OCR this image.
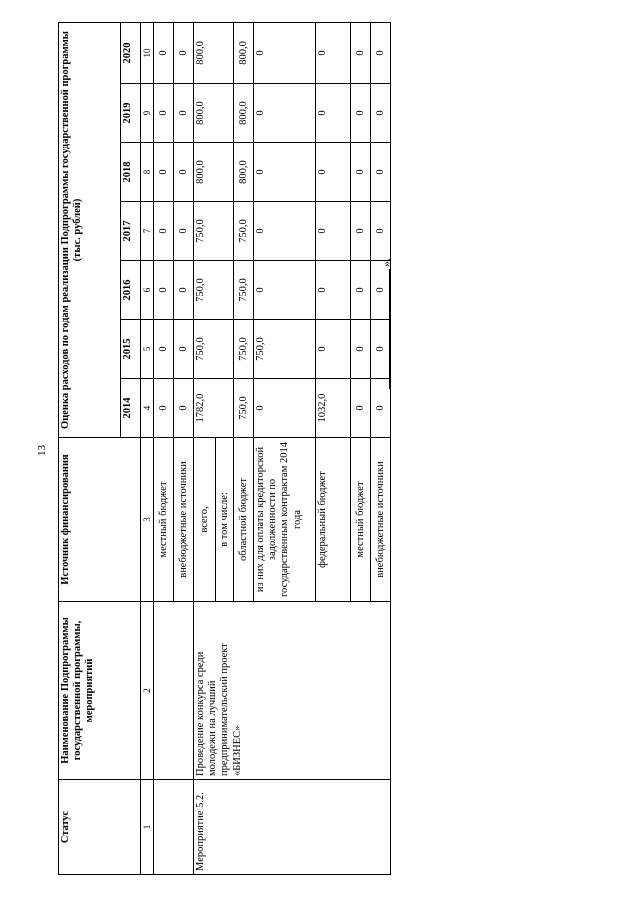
13
Статус	Наименование Подпрограммы государственной программы, мероприятий	Источник финансирования	Оценка расходов по годам реализации Подпрограммы государственной программы (тыс. рублей)						
			2014	2015	2016	2017	2018	2019	2020
1	2	3	4	5	6	7	8	9	10
		местный бюджет	0	0	0	0	0	0	0
		внебюджетные источники	0	0	0	0	0	0	0
Мероприятие 5.2.	Проведение конкурса среди молодежи на лучший предпринимательский проект «БИЗНЕС»	всего,	1782,0	750,0	750,0	750,0	800,0	800,0	800,0
		в том числе:							
		областной бюджет	750,0	750,0	750,0	750,0	800,0	800,0	800,0
		из них для оплаты кредиторской задолженности по государственным контрактам 2014 года	0	750,0	0	0	0	0	0
		федеральный бюджет	1032,0	0	0	0	0	0	0
		местный бюджет	0	0	0	0	0	0	0
		внебюджетные источники	0	0	0	0	0	0	0
».
